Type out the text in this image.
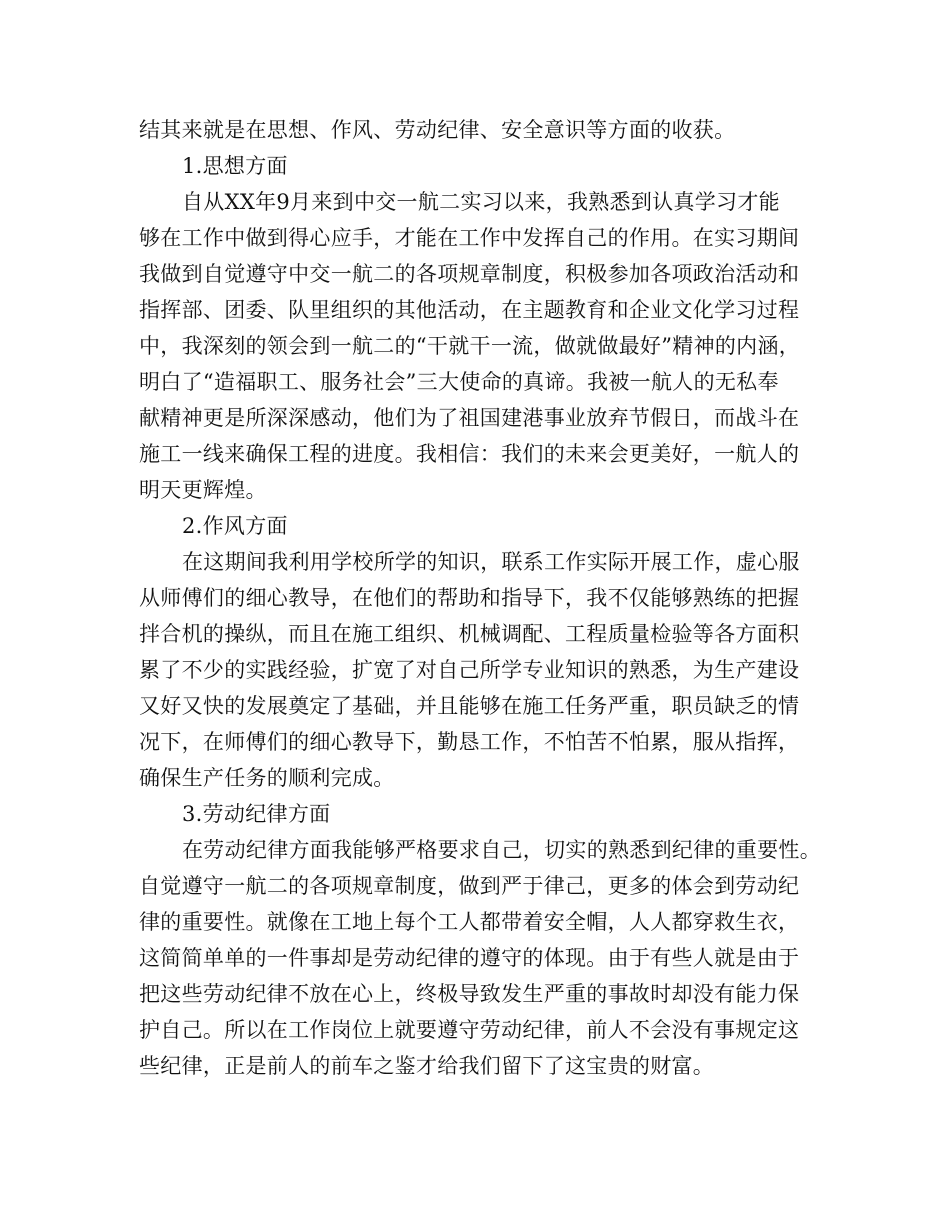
结其来就是在思想、作风、劳动纪律、安全意识等方面的收获。
1.思想方面
自从XX年9月来到中交一航二实习以来，我熟悉到认真学习才能
够在工作中做到得心应手，才能在工作中发挥自己的作用。在实习期间
我做到自觉遵守中交一航二的各项规章制度，积极参加各项政治活动和
指挥部、团委、队里组织的其他活动，在主题教育和企业文化学习过程
中，我深刻的领会到一航二的“干就干一流，做就做最好”精神的内涵，
明白了“造福职工、服务社会”三大使命的真谛。我被一航人的无私奉
献精神更是所深深感动，他们为了祖国建港事业放弃节假日，而战斗在
施工一线来确保工程的进度。我相信：我们的未来会更美好，一航人的
明天更辉煌。
2.作风方面
在这期间我利用学校所学的知识，联系工作实际开展工作，虚心服
从师傅们的细心教导，在他们的帮助和指导下，我不仅能够熟练的把握
拌合机的操纵，而且在施工组织、机械调配、工程质量检验等各方面积
累了不少的实践经验，扩宽了对自己所学专业知识的熟悉，为生产建设
又好又快的发展奠定了基础，并且能够在施工任务严重，职员缺乏的情
况下，在师傅们的细心教导下，勤恳工作，不怕苦不怕累，服从指挥，
确保生产任务的顺利完成。
3.劳动纪律方面
在劳动纪律方面我能够严格要求自己，切实的熟悉到纪律的重要性。
自觉遵守一航二的各项规章制度，做到严于律己，更多的体会到劳动纪
律的重要性。就像在工地上每个工人都带着安全帽，人人都穿救生衣，
这简简单单的一件事却是劳动纪律的遵守的体现。由于有些人就是由于
把这些劳动纪律不放在心上，终极导致发生严重的事故时却没有能力保
护自己。所以在工作岗位上就要遵守劳动纪律，前人不会没有事规定这
些纪律，正是前人的前车之鉴才给我们留下了这宝贵的财富。
